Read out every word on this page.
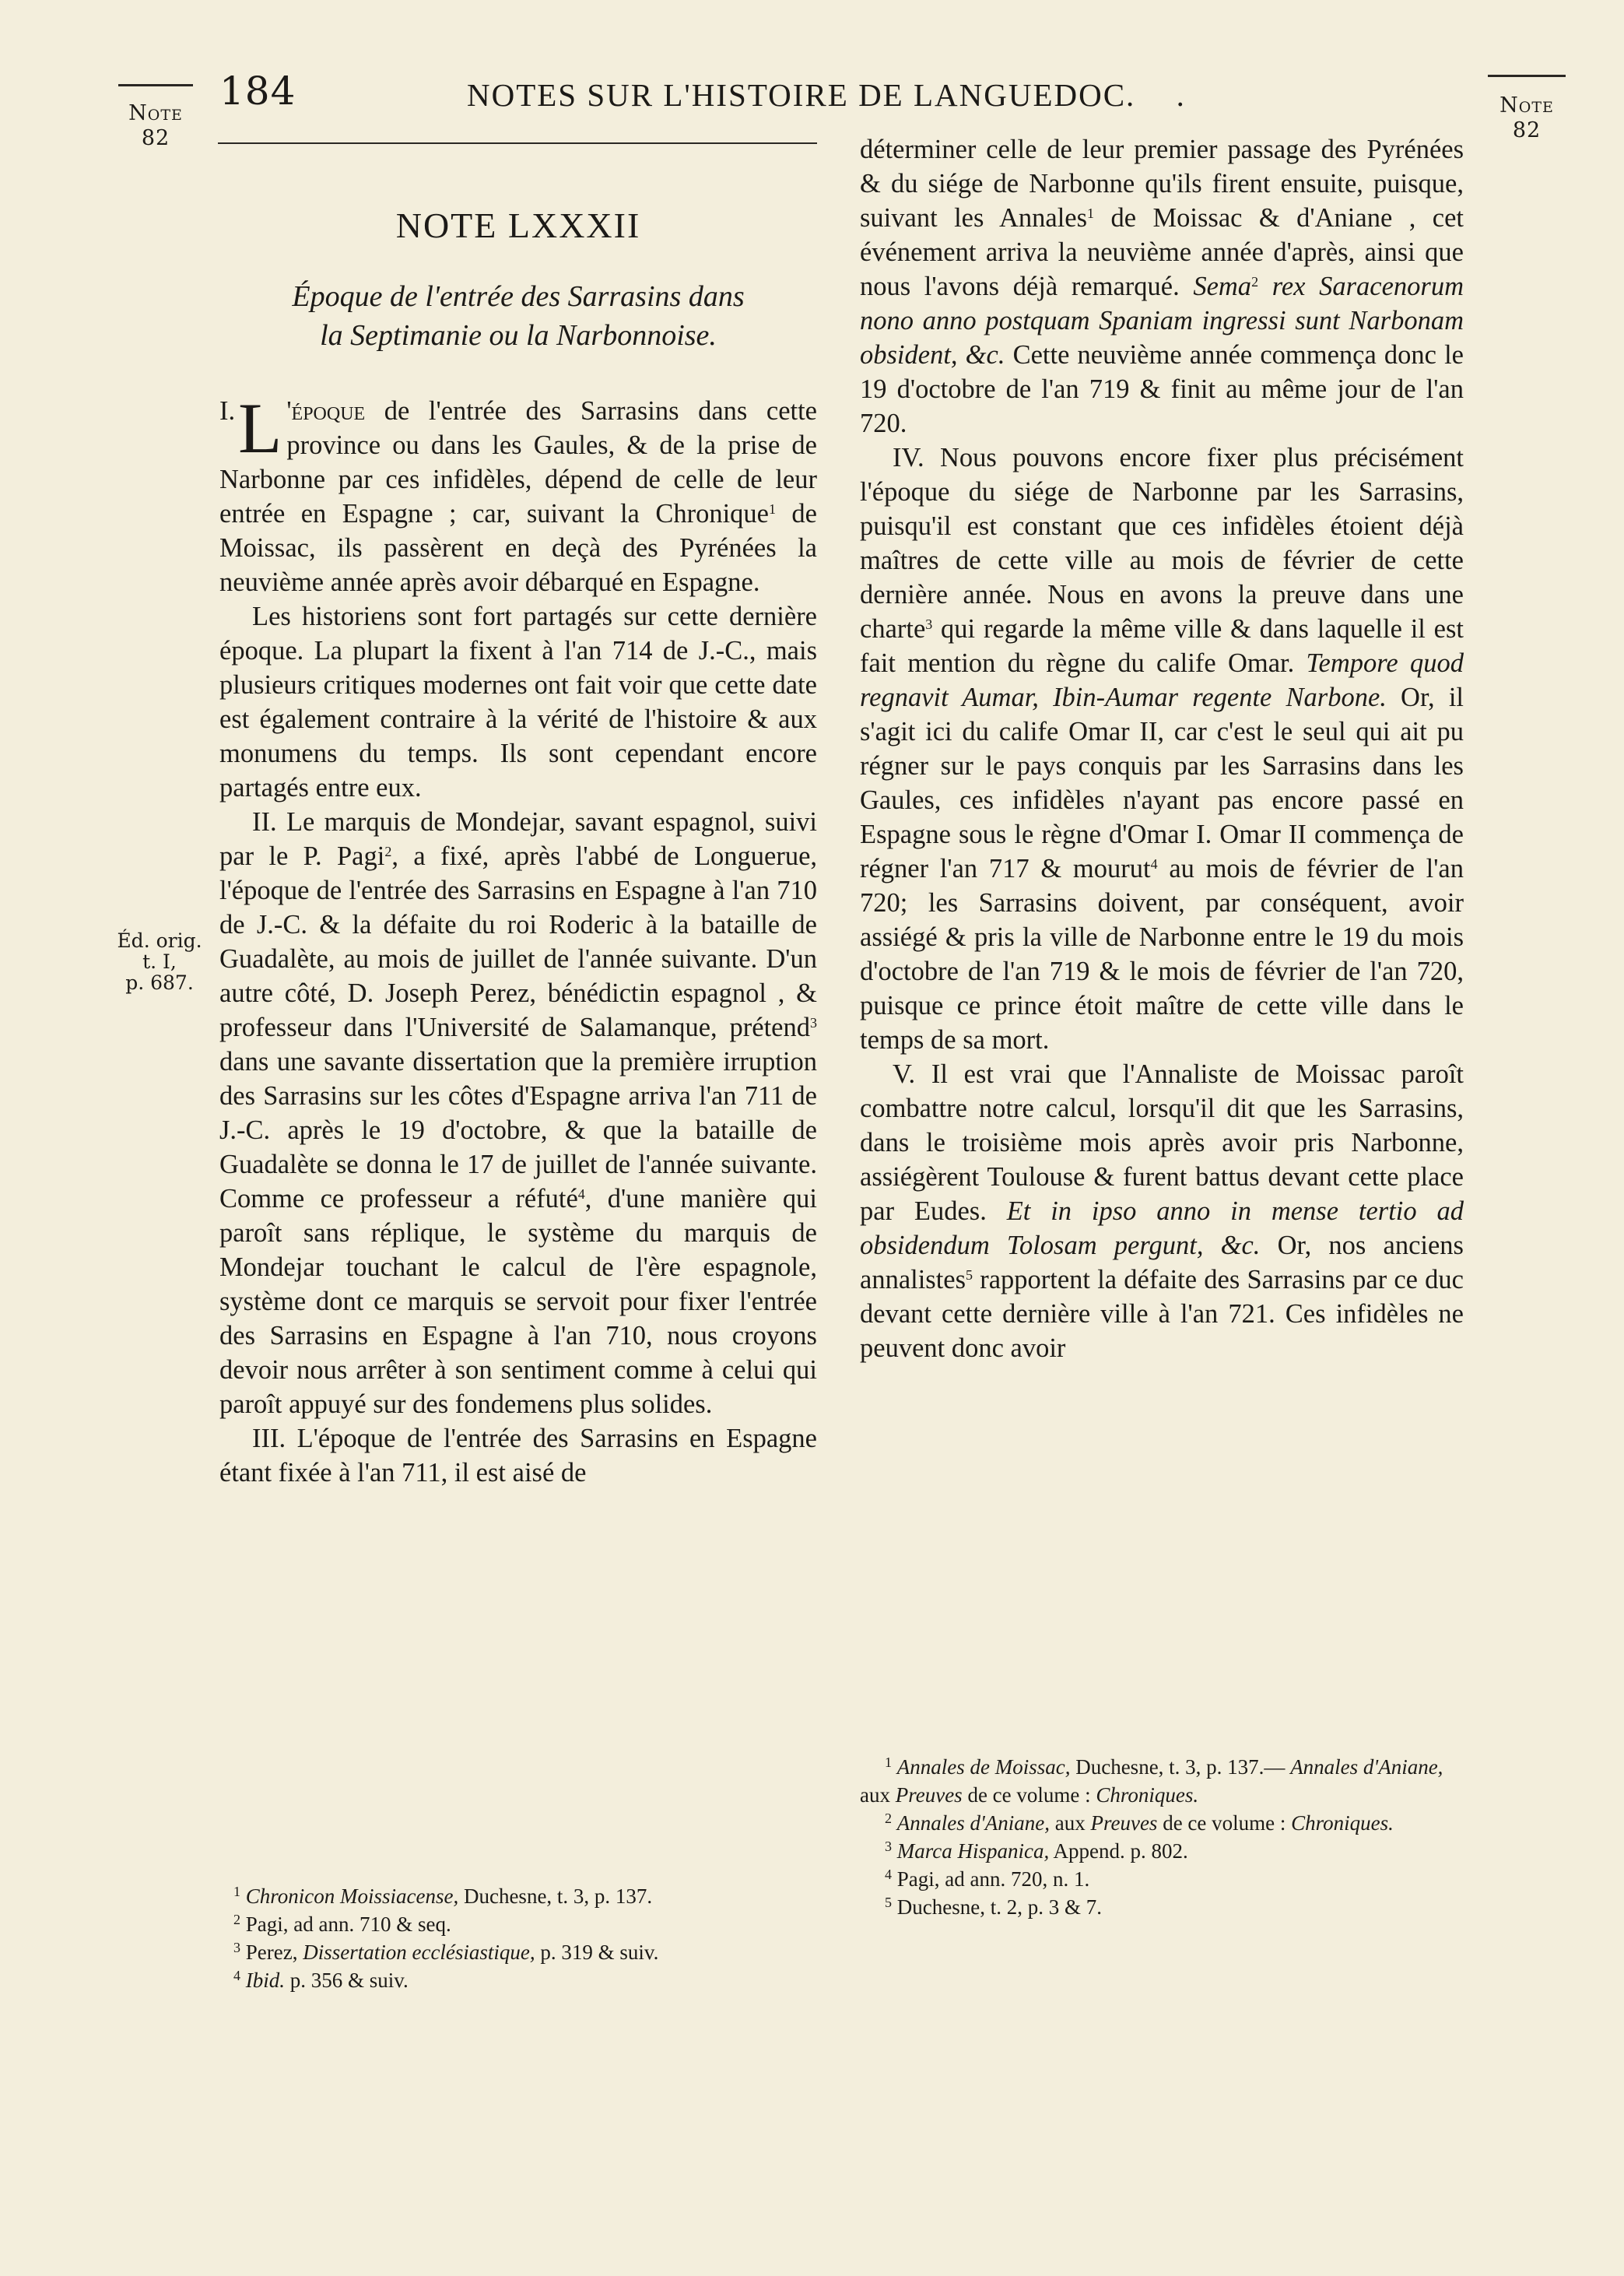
Note
82
Note
82
Éd. orig.
t. I,
p. 687.
184	NOTES SUR L'HISTOIRE DE LANGUEDOC. .

NOTE LXXXII

Époque de l'entrée des Sarrasins dans

la Septimanie ou la Narbonnoise.

I. L 'époque de l'entrée des Sarrasins dans cette province ou dans les Gaules, & de la prise de Narbonne par ces infidèles, dépend de celle de leur entrée en Espagne ; car, suivant la Chronique$^1$ de Moissac, ils passèrent en deçà des Pyrénées la neuvième année après avoir débarqué en Espagne.

Les historiens sont fort partagés sur cette dernière époque. La plupart la fixent à l'an 714 de J.-C., mais plusieurs critiques modernes ont fait voir que cette date est également contraire à la vérité de l'histoire & aux monumens du temps. Ils sont cependant encore partagés entre eux.

II. Le marquis de Mondejar, savant espagnol, suivi par le P. Pagi$^2$, a fixé, après l'abbé de Longuerue, l'époque de l'entrée des Sarrasins en Espagne à l'an 710 de J.-C. & la défaite du roi Roderic à la bataille de Guadalète, au mois de juillet de l'année suivante. D'un autre côté, D. Joseph Perez, bénédictin espagnol , & professeur dans l'Université de Salamanque, prétend$^3$ dans une savante dissertation que la première irruption des Sarrasins sur les côtes d'Espagne arriva l'an 711 de J.-C. après le 19 d'octobre, & que la bataille de Guadalète se donna le 17 de juillet de l'année suivante. Comme ce professeur a réfuté$^4$, d'une manière qui paroît sans réplique, le système du marquis de Mondejar touchant le calcul de l'ère espagnole, système dont ce marquis se servoit pour fixer l'entrée des Sarrasins en Espagne à l'an 710, nous croyons devoir nous arrêter à son sentiment comme à celui qui paroît appuyé sur des fondemens plus solides.

III. L'époque de l'entrée des Sarrasins en Espagne étant fixée à l'an 711, il est aisé de

$^1$ Chronicon Moissiacense, Duchesne, t. 3, p. 137.

$^2$ Pagi, ad ann. 710 & seq.

$^3$ Perez, Dissertation ecclésiastique, p. 319 & suiv.

$^4$ Ibid. p. 356 & suiv.

déterminer celle de leur premier passage des Pyrénées & du siége de Narbonne qu'ils firent ensuite, puisque, suivant les Annales$^1$ de Moissac & d'Aniane , cet événement arriva la neuvième année d'après, ainsi que nous l'avons déjà remarqué. Sema$^2$ rex Saracenorum nono anno postquam Spaniam ingressi sunt Narbonam obsident, &c. Cette neuvième année commença donc le 19 d'octobre de l'an 719 & finit au même jour de l'an 720.

IV. Nous pouvons encore fixer plus précisément l'époque du siége de Narbonne par les Sarrasins, puisqu'il est constant que ces infidèles étoient déjà maîtres de cette ville au mois de février de cette dernière année. Nous en avons la preuve dans une charte$^3$ qui regarde la même ville & dans laquelle il est fait mention du règne du calife Omar. Tempore quod regnavit Aumar, Ibin-Aumar regente Narbone. Or, il s'agit ici du calife Omar II, car c'est le seul qui ait pu régner sur le pays conquis par les Sarrasins dans les Gaules, ces infidèles n'ayant pas encore passé en Espagne sous le règne d'Omar I. Omar II commença de régner l'an 717 & mourut$^4$ au mois de février de l'an 720; les Sarrasins doivent, par conséquent, avoir assiégé & pris la ville de Narbonne entre le 19 du mois d'octobre de l'an 719 & le mois de février de l'an 720, puisque ce prince étoit maître de cette ville dans le temps de sa mort.

V. Il est vrai que l'Annaliste de Moissac paroît combattre notre calcul, lorsqu'il dit que les Sarrasins, dans le troisième mois après avoir pris Narbonne, assiégèrent Toulouse & furent battus devant cette place par Eudes. Et in ipso anno in mense tertio ad obsidendum Tolosam pergunt, &c. Or, nos anciens annalistes$^5$ rapportent la défaite des Sarrasins par ce duc devant cette dernière ville à l'an 721. Ces infidèles ne peuvent donc avoir

$^1$ Annales de Moissac, Duchesne, t. 3, p. 137.— Annales d'Aniane, aux Preuves de ce volume : Chroniques.

$^2$ Annales d'Aniane, aux Preuves de ce volume : Chroniques.

$^3$ Marca Hispanica, Append. p. 802.

$^4$ Pagi, ad ann. 720, n. 1.

$^5$ Duchesne, t. 2, p. 3 & 7.
